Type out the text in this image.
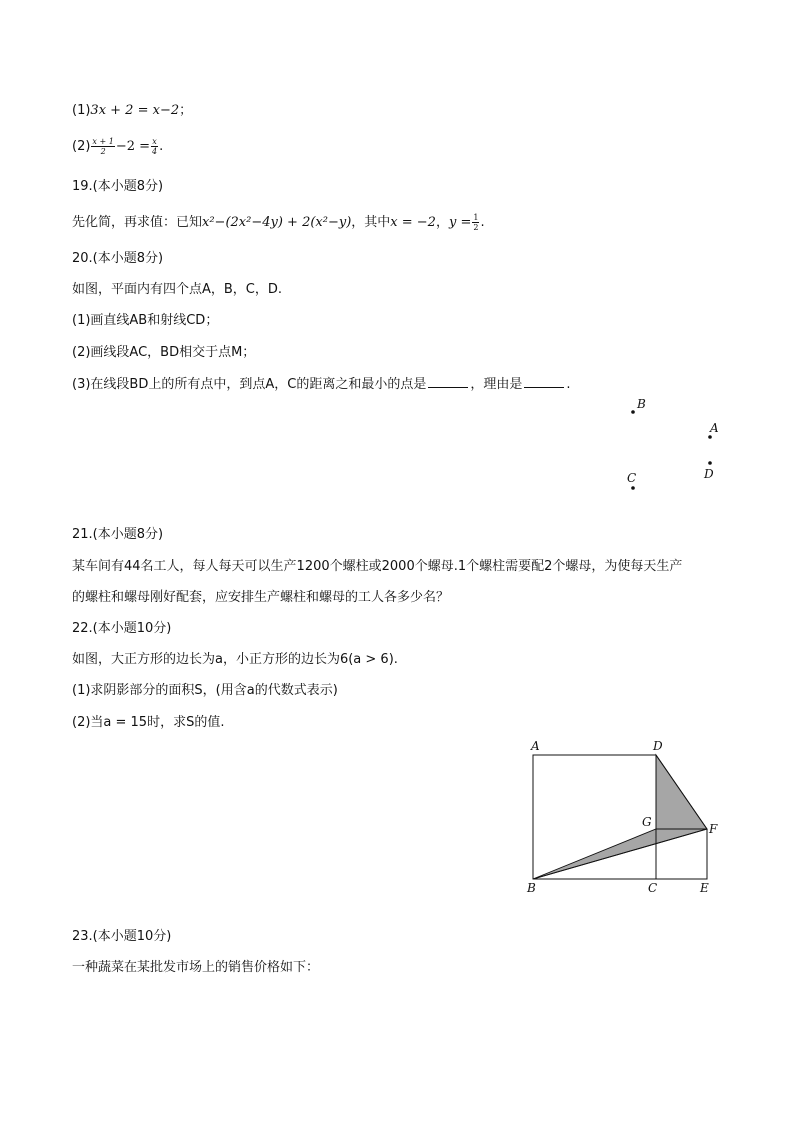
(1)3x + 2 = x−2；
$(2) \frac{x + 1}{2} -2 = \frac{x}{4}$ .
19.(本小题8分)
先化简，再求值：已知x²−(2x²−4y) + 2(x²−y)，其中x = −2，$y = \frac{1}{2}$ .
20.(本小题8分)
如图，平面内有四个点A，B，C，D.
(1)画直线AB和射线CD；
(2)画线段AC，BD相交于点M；
(3)在线段BD上的所有点中，到点A，C的距离之和最小的点是	，理由是	.
B
A
D
C
21.(本小题8分)
某车间有44名工人，每人每天可以生产1200个螺柱或2000个螺母.1个螺柱需要配2个螺母，为使每天生产
的螺柱和螺母刚好配套，应安排生产螺柱和螺母的工人各多少名？
22.(本小题10分)
如图，大正方形的边长为a，小正方形的边长为6(a > 6).
(1)求阴影部分的面积S，(用含a的代数式表示)
(2)当a = 15时，求S的值.
A	D
G	F
B	C	E
23.(本小题10分)
一种蔬菜在某批发市场上的销售价格如下：
